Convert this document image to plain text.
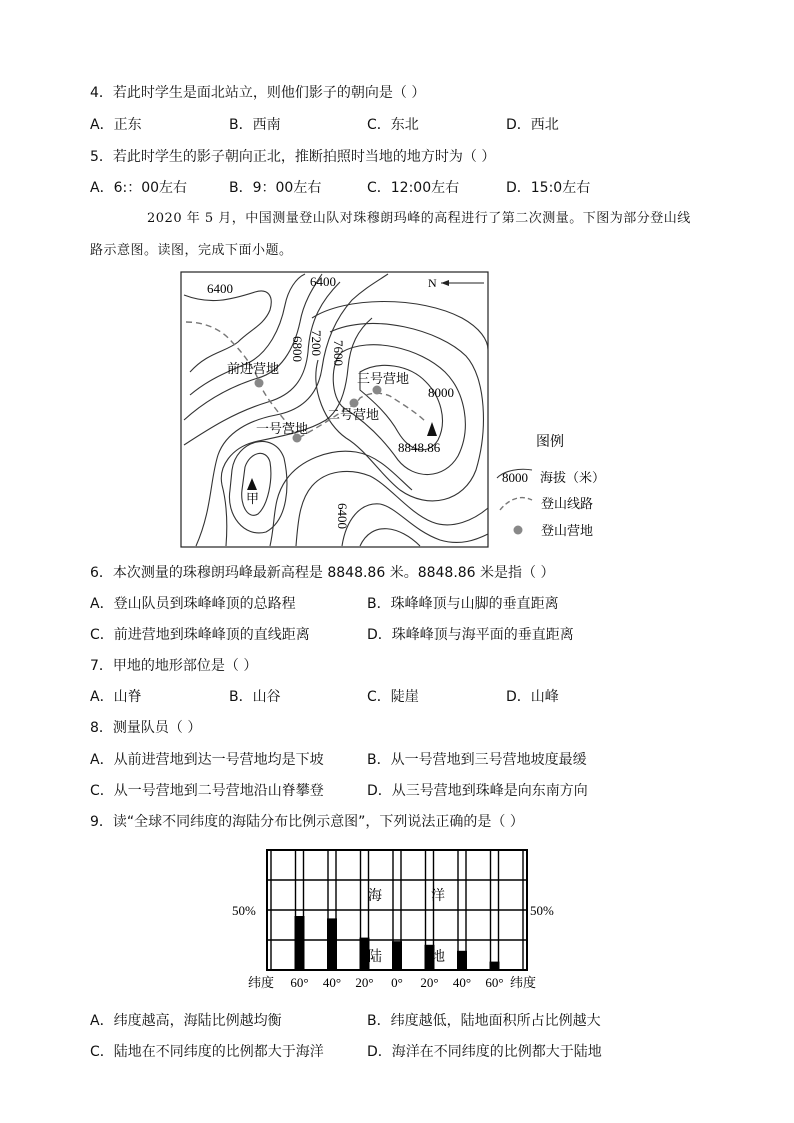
4．若此时学生是面北站立，则他们影子的朝向是（ ）
A．正东	B．西南	C．东北	D．西北
5．若此时学生的影子朝向正北，推断拍照时当地的地方时为（ ）
A．6:：00左右	B．9：00左右	C．12:00左右	D．15:0左右
2020 年 5 月，中国测量登山队对珠穆朗玛峰的高程进行了第二次测量。下图为部分登山线
路示意图。读图，完成下面小题。
N
6400	6400
6800 7200 7600
8000
6400
前进营地
一号营地
二号营地
三号营地
8848.86
甲
图例
8000 海拔（米）
登山线路
登山营地
6．本次测量的珠穆朗玛峰最新高程是 8848.86 米。8848.86 米是指（ ）
A．登山队员到珠峰峰顶的总路程	B．珠峰峰顶与山脚的垂直距离
C．前进营地到珠峰峰顶的直线距离	D．珠峰峰顶与海平面的垂直距离
7．甲地的地形部位是（ ）
A．山脊	B．山谷	C．陡崖	D．山峰
8．测量队员（ ）
A．从前进营地到达一号营地均是下坡	B．从一号营地到三号营地坡度最缓
C．从一号营地到二号营地沿山脊攀登	D．从三号营地到珠峰是向东南方向
9．读“全球不同纬度的海陆分布比例示意图”，下列说法正确的是（ ）
海	洋
陆	地
50%	50%
纬度	纬度
60° 40° 20° 0° 20° 40° 60°
A．纬度越高，海陆比例越均衡	B．纬度越低，陆地面积所占比例越大
C．陆地在不同纬度的比例都大于海洋	D．海洋在不同纬度的比例都大于陆地
